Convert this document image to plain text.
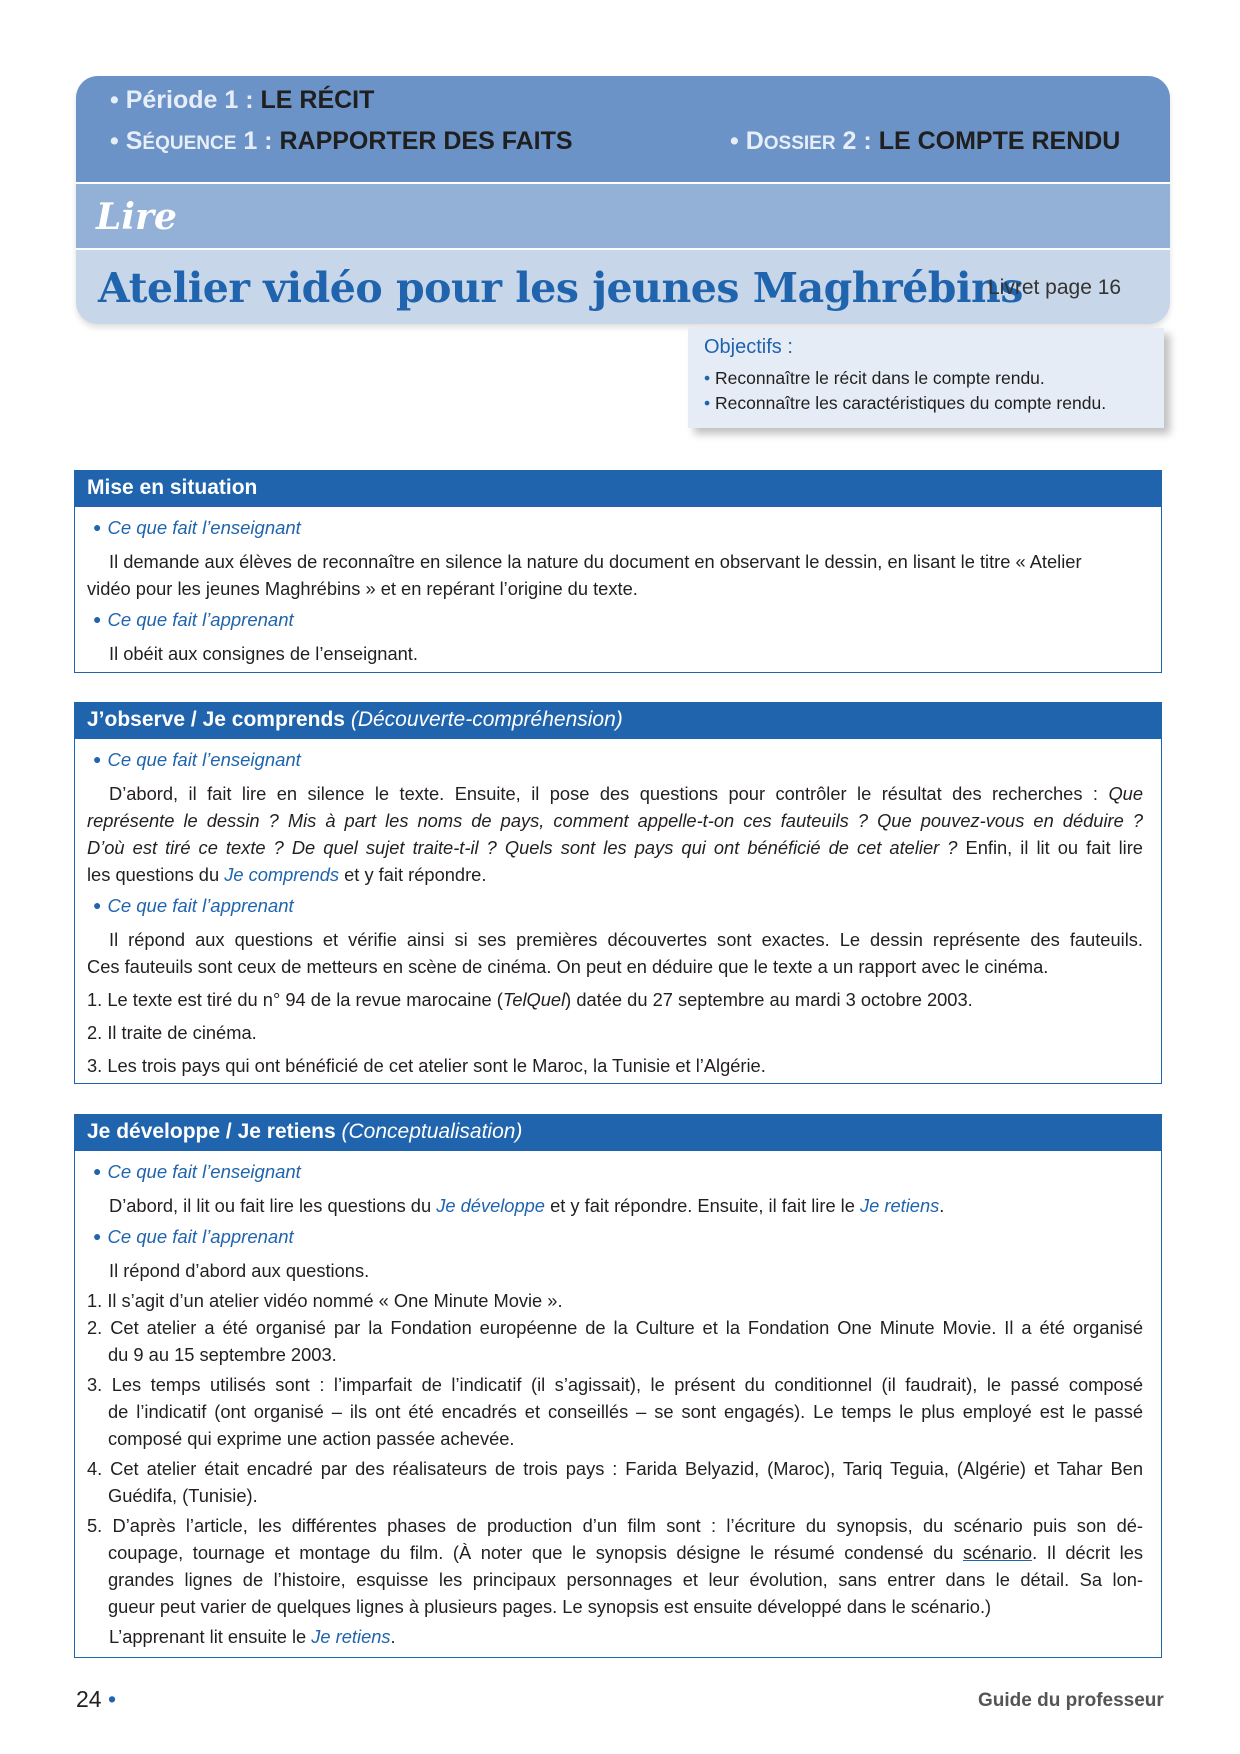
• Période 1 : LE RÉCIT
• SÉQUENCE 1 : RAPPORTER DES FAITS	• DOSSIER 2 : LE COMPTE RENDU
Lire
Atelier vidéo pour les jeunes Maghrébins
Livret page 16
Objectifs :
• Reconnaître le récit dans le compte rendu.
• Reconnaître les caractéristiques du compte rendu.
Mise en situation
● Ce que fait l’enseignant
Il demande aux élèves de reconnaître en silence la nature du document en observant le dessin, en lisant le titre « Atelier
vidéo pour les jeunes Maghrébins » et en repérant l’origine du texte.
● Ce que fait l’apprenant
Il obéit aux consignes de l’enseignant.
J’observe / Je comprends (Découverte-compréhension)
● Ce que fait l’enseignant
D’abord, il fait lire en silence le texte. Ensuite, il pose des questions pour contrôler le résultat des recherches : Que
représente le dessin ? Mis à part les noms de pays, comment appelle-t-on ces fauteuils ? Que pouvez-vous en déduire ?
D’où est tiré ce texte ? De quel sujet traite-t-il ? Quels sont les pays qui ont bénéficié de cet atelier ? Enfin, il lit ou fait lire
les questions du Je comprends et y fait répondre.
● Ce que fait l’apprenant
Il répond aux questions et vérifie ainsi si ses premières découvertes sont exactes. Le dessin représente des fauteuils.
Ces fauteuils sont ceux de metteurs en scène de cinéma. On peut en déduire que le texte a un rapport avec le cinéma.
1. Le texte est tiré du n° 94 de la revue marocaine (TelQuel) datée du 27 septembre au mardi 3 octobre 2003.
2. Il traite de cinéma.
3. Les trois pays qui ont bénéficié de cet atelier sont le Maroc, la Tunisie et l’Algérie.
Je développe / Je retiens (Conceptualisation)
● Ce que fait l’enseignant
D’abord, il lit ou fait lire les questions du Je développe et y fait répondre. Ensuite, il fait lire le Je retiens.
● Ce que fait l’apprenant
Il répond d’abord aux questions.
1. Il s’agit d’un atelier vidéo nommé « One Minute Movie ».
2. Cet atelier a été organisé par la Fondation européenne de la Culture et la Fondation One Minute Movie. Il a été organisé
du 9 au 15 septembre 2003.
3. Les temps utilisés sont : l’imparfait de l’indicatif (il s’agissait), le présent du conditionnel (il faudrait), le passé composé
de l’indicatif (ont organisé – ils ont été encadrés et conseillés – se sont engagés). Le temps le plus employé est le passé
composé qui exprime une action passée achevée.
4. Cet atelier était encadré par des réalisateurs de trois pays : Farida Belyazid, (Maroc), Tariq Teguia, (Algérie) et Tahar Ben
Guédifa, (Tunisie).
5. D’après l’article, les différentes phases de production d’un film sont : l’écriture du synopsis, du scénario puis son dé-
coupage, tournage et montage du film. (À noter que le synopsis désigne le résumé condensé du scénario. Il décrit les
grandes lignes de l’histoire, esquisse les principaux personnages et leur évolution, sans entrer dans le détail. Sa lon-
gueur peut varier de quelques lignes à plusieurs pages. Le synopsis est ensuite développé dans le scénario.)
L’apprenant lit ensuite le Je retiens.
24 •	Guide du professeur
